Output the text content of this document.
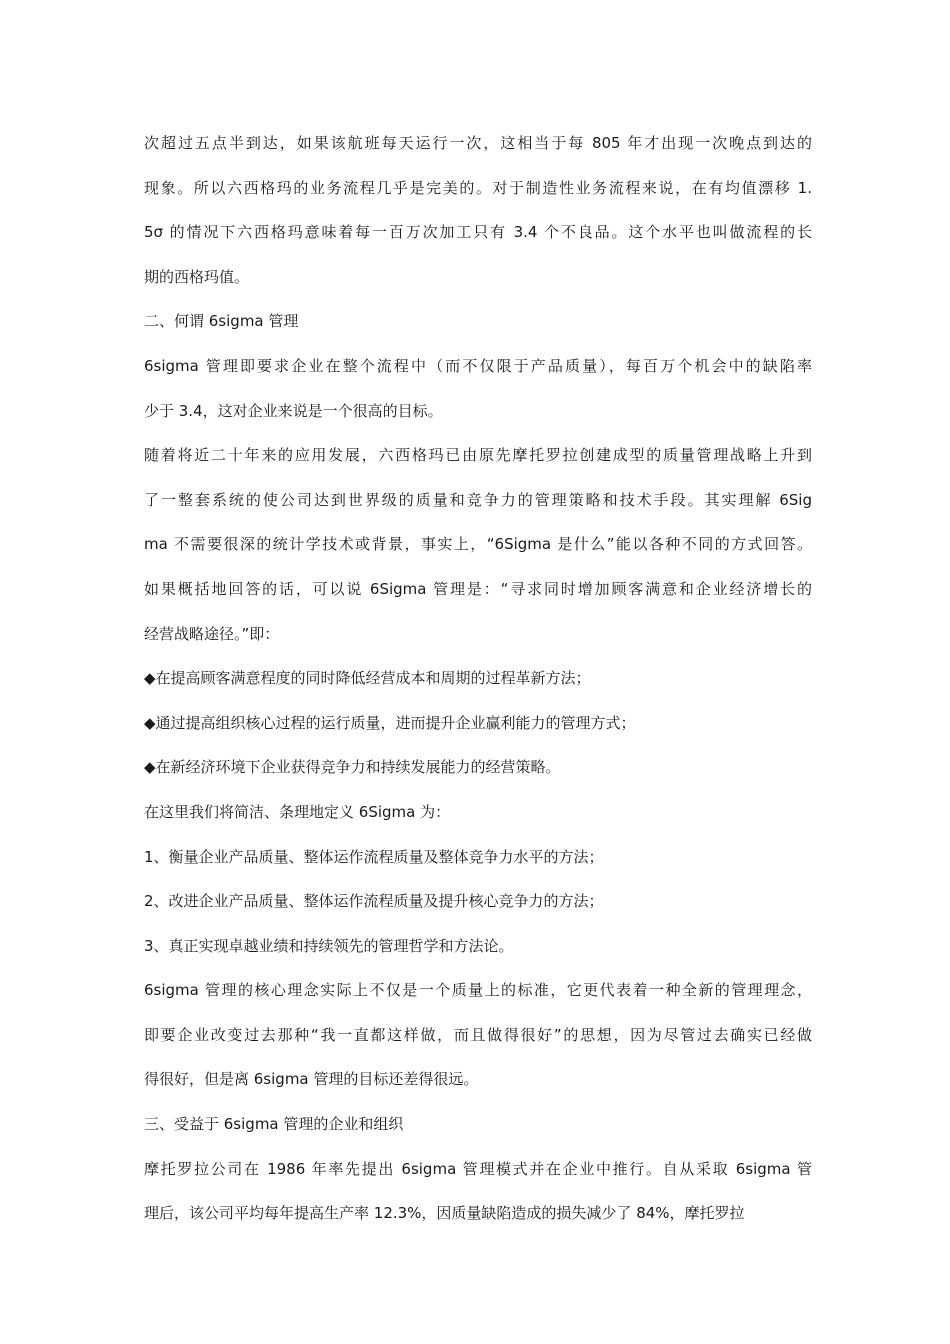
次超过五点半到达，如果该航班每天运行一次，这相当于每 805 年才出现一次晚点到达的
现象。所以六西格玛的业务流程几乎是完美的。对于制造性业务流程来说，在有均值漂移 1.
5σ 的情况下六西格玛意味着每一百万次加工只有 3.4 个不良品。这个水平也叫做流程的长
期的西格玛值。
二、何谓 6sigma 管理
6sigma 管理即要求企业在整个流程中（而不仅限于产品质量），每百万个机会中的缺陷率
少于 3.4，这对企业来说是一个很高的目标。
随着将近二十年来的应用发展，六西格玛已由原先摩托罗拉创建成型的质量管理战略上升到
了一整套系统的使公司达到世界级的质量和竞争力的管理策略和技术手段。其实理解 6Sig
ma 不需要很深的统计学技术或背景，事实上，“6Sigma 是什么”能以各种不同的方式回答。
如果概括地回答的话，可以说 6Sigma 管理是：“寻求同时增加顾客满意和企业经济增长的
经营战略途径。”即：
◆在提高顾客满意程度的同时降低经营成本和周期的过程革新方法；
◆通过提高组织核心过程的运行质量，进而提升企业赢利能力的管理方式；
◆在新经济环境下企业获得竞争力和持续发展能力的经营策略。
在这里我们将简洁、条理地定义 6Sigma 为：
1、衡量企业产品质量、整体运作流程质量及整体竞争力水平的方法；
2、改进企业产品质量、整体运作流程质量及提升核心竞争力的方法；
3、真正实现卓越业绩和持续领先的管理哲学和方法论。
6sigma 管理的核心理念实际上不仅是一个质量上的标准，它更代表着一种全新的管理理念，
即要企业改变过去那种“我一直都这样做，而且做得很好”的思想，因为尽管过去确实已经做
得很好，但是离 6sigma 管理的目标还差得很远。
三、受益于 6sigma 管理的企业和组织
摩托罗拉公司在 1986 年率先提出 6sigma 管理模式并在企业中推行。自从采取 6sigma 管
理后，该公司平均每年提高生产率 12.3%，因质量缺陷造成的损失减少了 84%，摩托罗拉
